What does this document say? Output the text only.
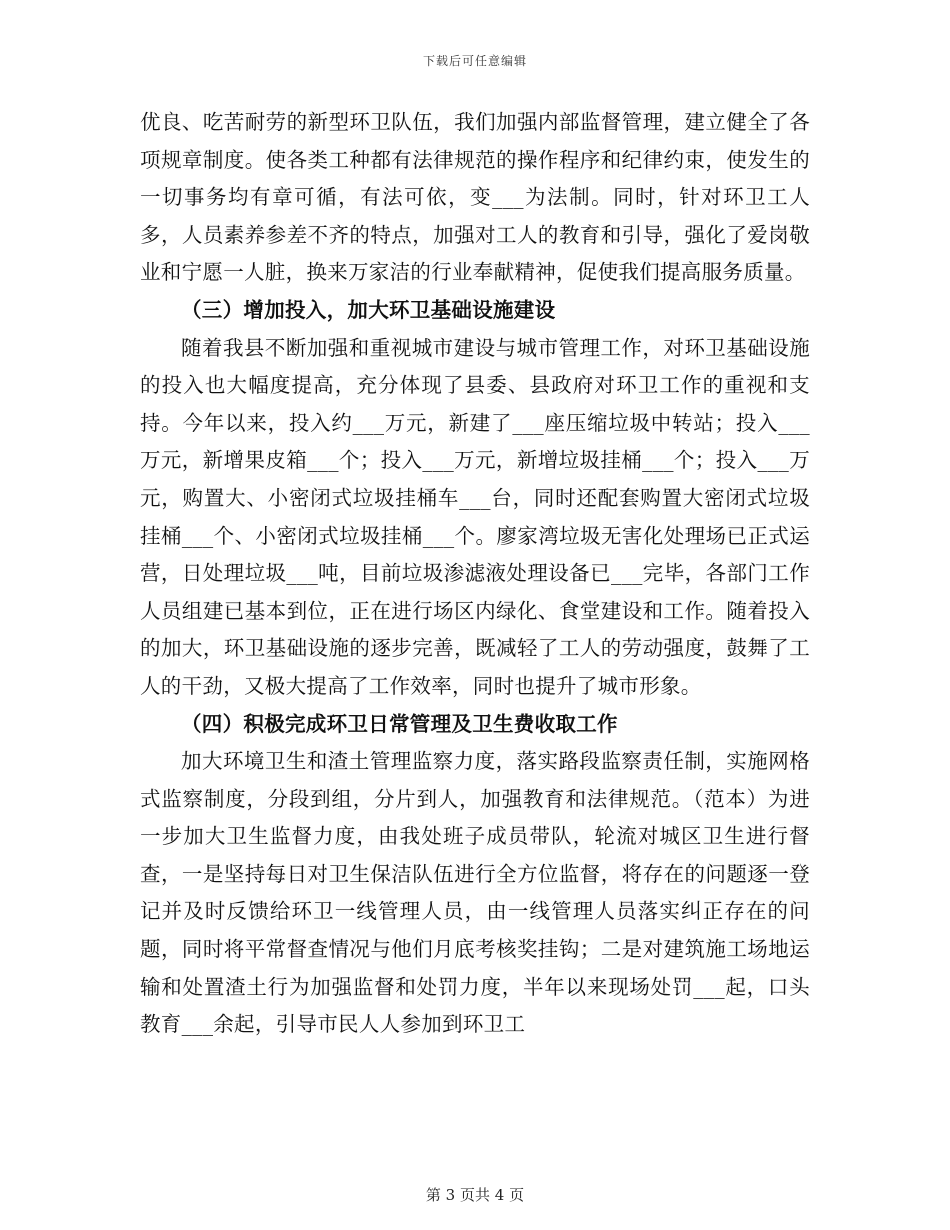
下载后可任意编辑

优良、吃苦耐劳的新型环卫队伍，我们加强内部监督管理，建立健全了各项规章制度。使各类工种都有法律规范的操作程序和纪律约束，使发生的一切事务均有章可循，有法可依，变___为法制。同时，针对环卫工人多，人员素养参差不齐的特点，加强对工人的教育和引导，强化了爱岗敬业和宁愿一人脏，换来万家洁的行业奉献精神，促使我们提高服务质量。

（三）增加投入，加大环卫基础设施建设

随着我县不断加强和重视城市建设与城市管理工作，对环卫基础设施的投入也大幅度提高，充分体现了县委、县政府对环卫工作的重视和支持。今年以来，投入约___万元，新建了___座压缩垃圾中转站；投入___万元，新增果皮箱___个；投入___万元，新增垃圾挂桶___个；投入___万元，购置大、小密闭式垃圾挂桶车___台，同时还配套购置大密闭式垃圾挂桶___个、小密闭式垃圾挂桶___个。廖家湾垃圾无害化处理场已正式运营，日处理垃圾___吨，目前垃圾渗滤液处理设备已___完毕，各部门工作人员组建已基本到位，正在进行场区内绿化、食堂建设和工作。随着投入的加大，环卫基础设施的逐步完善，既减轻了工人的劳动强度，鼓舞了工人的干劲，又极大提高了工作效率，同时也提升了城市形象。

（四）积极完成环卫日常管理及卫生费收取工作

加大环境卫生和渣土管理监察力度，落实路段监察责任制，实施网格式监察制度，分段到组，分片到人，加强教育和法律规范。（范本）为进一步加大卫生监督力度，由我处班子成员带队，轮流对城区卫生进行督查，一是坚持每日对卫生保洁队伍进行全方位监督，将存在的问题逐一登记并及时反馈给环卫一线管理人员，由一线管理人员落实纠正存在的问题，同时将平常督查情况与他们月底考核奖挂钩；二是对建筑施工场地运输和处置渣土行为加强监督和处罚力度，半年以来现场处罚___起，口头教育___余起，引导市民人人参加到环卫工

第 3 页共 4 页
